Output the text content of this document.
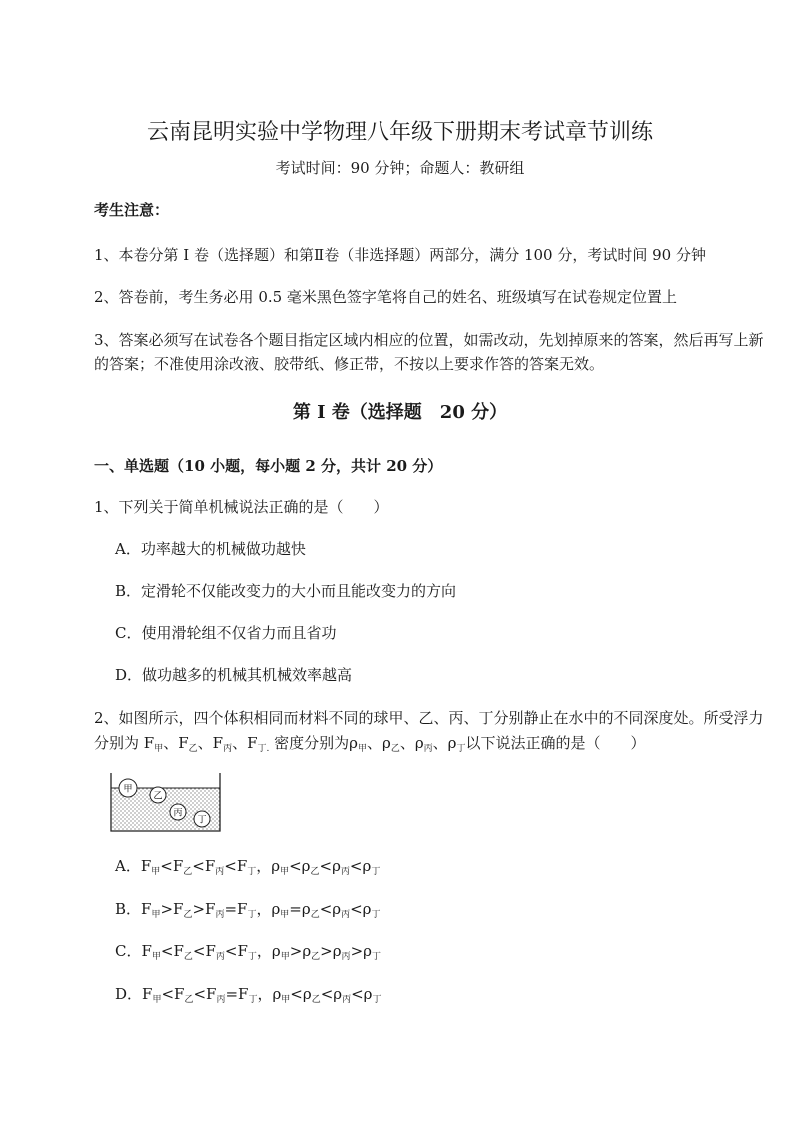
云南昆明实验中学物理八年级下册期末考试章节训练
考试时间：90 分钟；命题人：教研组
考生注意：
1、本卷分第 I 卷（选择题）和第Ⅱ卷（非选择题）两部分，满分 100 分，考试时间 90 分钟
2、答卷前，考生务必用 0.5 毫米黑色签字笔将自己的姓名、班级填写在试卷规定位置上
3、答案必须写在试卷各个题目指定区域内相应的位置，如需改动，先划掉原来的答案，然后再写上新
的答案；不准使用涂改液、胶带纸、修正带，不按以上要求作答的答案无效。
第 I 卷（选择题　20 分）
一、单选题（10 小题，每小题 2 分，共计 20 分）
1、下列关于简单机械说法正确的是（　　）
A．功率越大的机械做功越快
B．定滑轮不仅能改变力的大小而且能改变力的方向
C．使用滑轮组不仅省力而且省功
D．做功越多的机械其机械效率越高
2、如图所示，四个体积相同而材料不同的球甲、乙、丙、丁分别静止在水中的不同深度处。所受浮力
分别为 $F_甲$、$F_乙$、$F_丙$、$F_{丁.}$ 密度分别为$\rho_甲$、$\rho_乙$、$\rho_丙$、$\rho_丁$以下说法正确的是（　　）
甲
乙
丙
丁
A．$F_甲<F_乙<F_丙<F_丁$，$\rho_甲<\rho_乙<\rho_丙<\rho_丁$
B．$F_甲>F_乙>F_丙=F_丁$，$\rho_甲=\rho_乙<\rho_丙<\rho_丁$
C．$F_甲<F_乙<F_丙<F_丁$，$\rho_甲>\rho_乙>\rho_丙>\rho_丁$
D．$F_甲<F_乙<F_丙=F_丁$，$\rho_甲<\rho_乙<\rho_丙<\rho_丁$
